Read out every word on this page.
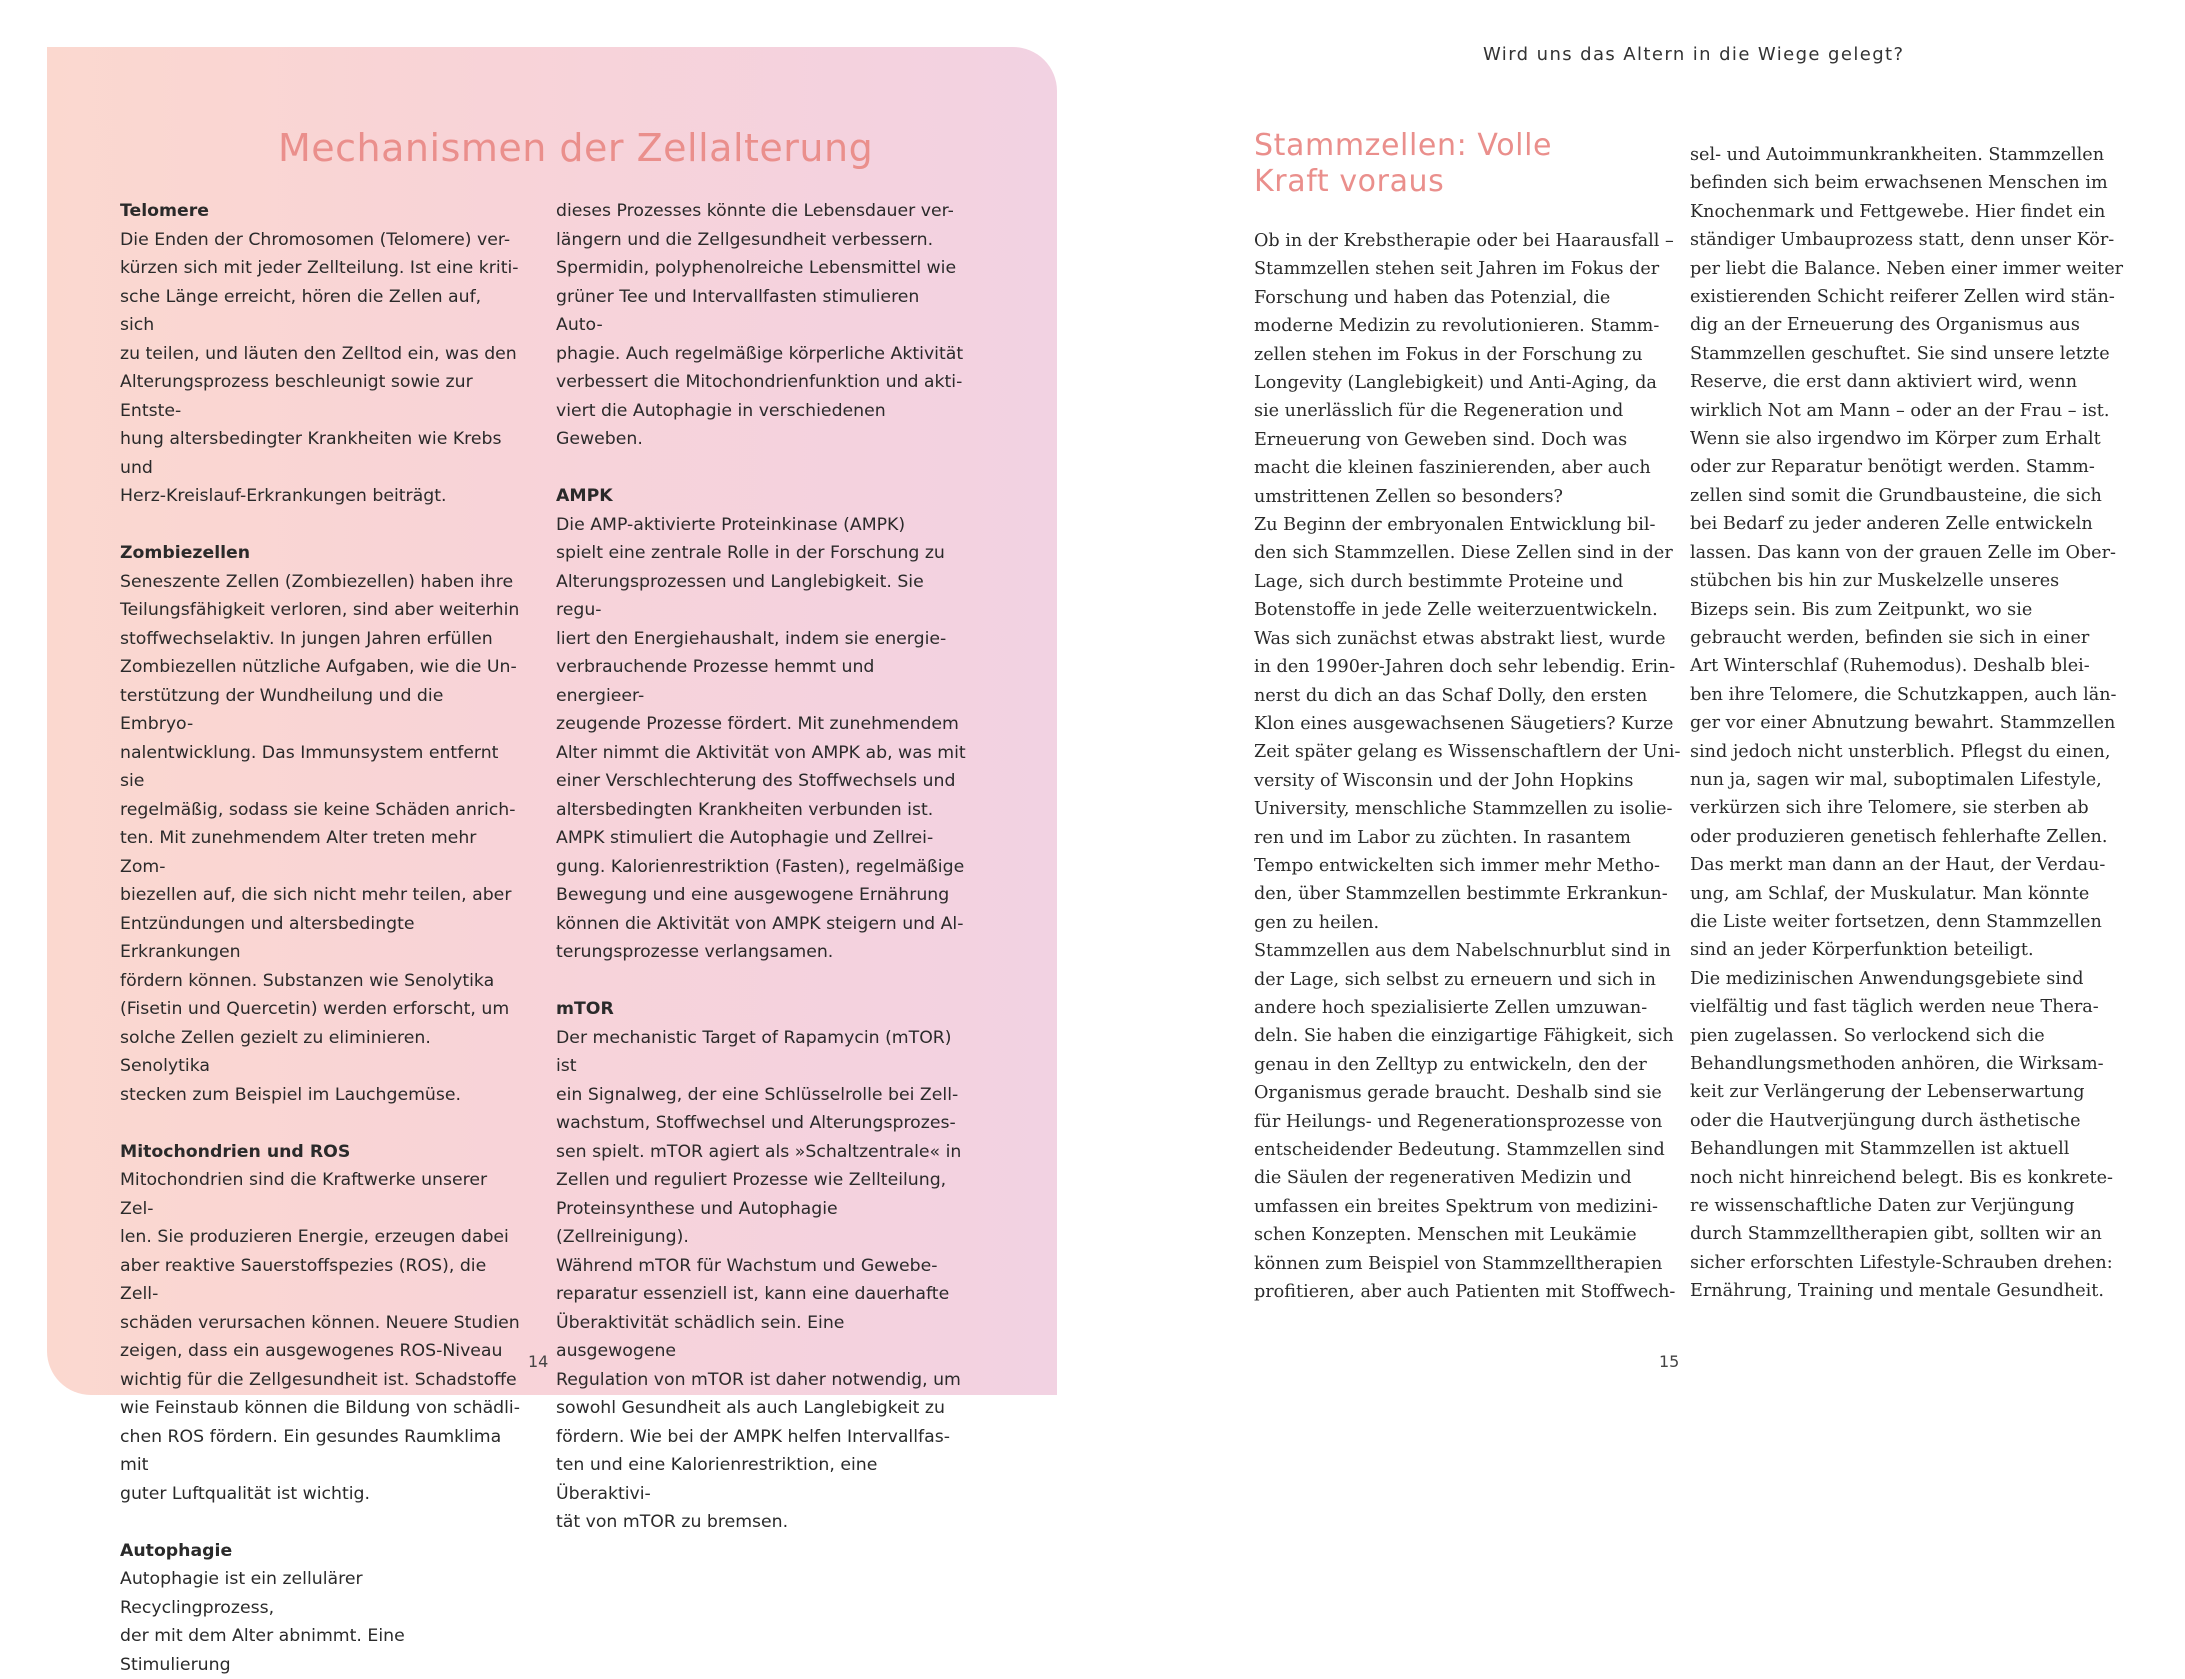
Mechanismen der Zellalterung

Telomere

Die Enden der Chromosomen (Telomere) ver-

kürzen sich mit jeder Zellteilung. Ist eine kriti-

sche Länge erreicht, hören die Zellen auf, sich

zu teilen, und läuten den Zelltod ein, was den

Alterungsprozess beschleunigt sowie zur Entste-

hung altersbedingter Krankheiten wie Krebs und

Herz-Kreislauf-Erkrankungen beiträgt.

Zombiezellen

Seneszente Zellen (Zombiezellen) haben ihre

Teilungsfähigkeit verloren, sind aber weiterhin

stoffwechselaktiv. In jungen Jahren erfüllen

Zombiezellen nützliche Aufgaben, wie die Un-

terstützung der Wundheilung und die Embryo-

nalentwicklung. Das Immunsystem entfernt sie

regelmäßig, sodass sie keine Schäden anrich-

ten. Mit zunehmendem Alter treten mehr Zom-

biezellen auf, die sich nicht mehr teilen, aber

Entzündungen und altersbedingte Erkrankungen

fördern können. Substanzen wie Senolytika

(Fisetin und Quercetin) werden erforscht, um

solche Zellen gezielt zu eliminieren. Senolytika

stecken zum Beispiel im Lauchgemüse.

Mitochondrien und ROS

Mitochondrien sind die Kraftwerke unserer Zel-

len. Sie produzieren Energie, erzeugen dabei

aber reaktive Sauerstoffspezies (ROS), die Zell-

schäden verursachen können. Neuere Studien

zeigen, dass ein ausgewogenes ROS-Niveau

wichtig für die Zellgesundheit ist. Schadstoffe

wie Feinstaub können die Bildung von schädli-

chen ROS fördern. Ein gesundes Raumklima mit

guter Luftqualität ist wichtig.

Autophagie

Autophagie ist ein zellulärer Recyclingprozess,

der mit dem Alter abnimmt. Eine Stimulierung

dieses Prozesses könnte die Lebensdauer ver-

längern und die Zellgesundheit verbessern.

Spermidin, polyphenolreiche Lebensmittel wie

grüner Tee und Intervallfasten stimulieren Auto-

phagie. Auch regelmäßige körperliche Aktivität

verbessert die Mitochondrienfunktion und akti-

viert die Autophagie in verschiedenen Geweben.

AMPK

Die AMP-aktivierte Proteinkinase (AMPK)

spielt eine zentrale Rolle in der Forschung zu

Alterungsprozessen und Langlebigkeit. Sie regu-

liert den Energiehaushalt, indem sie energie-

verbrauchende Prozesse hemmt und energieer-

zeugende Prozesse fördert. Mit zunehmendem

Alter nimmt die Aktivität von AMPK ab, was mit

einer Verschlechterung des Stoffwechsels und

altersbedingten Krankheiten verbunden ist.

AMPK stimuliert die Autophagie und Zellrei-

gung. Kalorienrestriktion (Fasten), regelmäßige

Bewegung und eine ausgewogene Ernährung

können die Aktivität von AMPK steigern und Al-

terungsprozesse verlangsamen.

mTOR

Der mechanistic Target of Rapamycin (mTOR) ist

ein Signalweg, der eine Schlüsselrolle bei Zell-

wachstum, Stoffwechsel und Alterungsprozes-

sen spielt. mTOR agiert als »Schaltzentrale« in

Zellen und reguliert Prozesse wie Zellteilung,

Proteinsynthese und Autophagie (Zellreinigung).

Während mTOR für Wachstum und Gewebe-

reparatur essenziell ist, kann eine dauerhafte

Überaktivität schädlich sein. Eine ausgewogene

Regulation von mTOR ist daher notwendig, um

sowohl Gesundheit als auch Langlebigkeit zu

fördern. Wie bei der AMPK helfen Intervallfas-

ten und eine Kalorienrestriktion, eine Überaktivi-

tät von mTOR zu bremsen.

14
Wird uns das Altern in die Wiege gelegt?
Stammzellen: Volle
Kraft voraus

Ob in der Krebstherapie oder bei Haarausfall –

Stammzellen stehen seit Jahren im Fokus der

Forschung und haben das Potenzial, die

moderne Medizin zu revolutionieren. Stamm-

zellen stehen im Fokus in der Forschung zu

Longevity (Langlebigkeit) und Anti-Aging, da

sie unerlässlich für die Regeneration und

Erneuerung von Geweben sind. Doch was

macht die kleinen faszinierenden, aber auch

umstrittenen Zellen so besonders?

Zu Beginn der embryonalen Entwicklung bil-

den sich Stammzellen. Diese Zellen sind in der

Lage, sich durch bestimmte Proteine und

Botenstoffe in jede Zelle weiterzuentwickeln.

Was sich zunächst etwas abstrakt liest, wurde

in den 1990er-Jahren doch sehr lebendig. Erin-

nerst du dich an das Schaf Dolly, den ersten

Klon eines ausgewachsenen Säugetiers? Kurze

Zeit später gelang es Wissenschaftlern der Uni-

versity of Wisconsin und der John Hopkins

University, menschliche Stammzellen zu isolie-

ren und im Labor zu züchten. In rasantem

Tempo entwickelten sich immer mehr Metho-

den, über Stammzellen bestimmte Erkrankun-

gen zu heilen.

Stammzellen aus dem Nabelschnurblut sind in

der Lage, sich selbst zu erneuern und sich in

andere hoch spezialisierte Zellen umzuwan-

deln. Sie haben die einzigartige Fähigkeit, sich

genau in den Zelltyp zu entwickeln, den der

Organismus gerade braucht. Deshalb sind sie

für Heilungs- und Regenerationsprozesse von

entscheidender Bedeutung. Stammzellen sind

die Säulen der regenerativen Medizin und

umfassen ein breites Spektrum von medizini-

schen Konzepten. Menschen mit Leukämie

können zum Beispiel von Stammzelltherapien

profitieren, aber auch Patienten mit Stoffwech-

sel- und Autoimmunkrankheiten. Stammzellen

befinden sich beim erwachsenen Menschen im

Knochenmark und Fettgewebe. Hier findet ein

ständiger Umbauprozess statt, denn unser Kör-

per liebt die Balance. Neben einer immer weiter

existierenden Schicht reiferer Zellen wird stän-

dig an der Erneuerung des Organismus aus

Stammzellen geschuftet. Sie sind unsere letzte

Reserve, die erst dann aktiviert wird, wenn

wirklich Not am Mann – oder an der Frau – ist.

Wenn sie also irgendwo im Körper zum Erhalt

oder zur Reparatur benötigt werden. Stamm-

zellen sind somit die Grundbausteine, die sich

bei Bedarf zu jeder anderen Zelle entwickeln

lassen. Das kann von der grauen Zelle im Ober-

stübchen bis hin zur Muskelzelle unseres

Bizeps sein. Bis zum Zeitpunkt, wo sie

gebraucht werden, befinden sie sich in einer

Art Winterschlaf (Ruhemodus). Deshalb blei-

ben ihre Telomere, die Schutzkappen, auch län-

ger vor einer Abnutzung bewahrt. Stammzellen

sind jedoch nicht unsterblich. Pflegst du einen,

nun ja, sagen wir mal, suboptimalen Lifestyle,

verkürzen sich ihre Telomere, sie sterben ab

oder produzieren genetisch fehlerhafte Zellen.

Das merkt man dann an der Haut, der Verdau-

ung, am Schlaf, der Muskulatur. Man könnte

die Liste weiter fortsetzen, denn Stammzellen

sind an jeder Körperfunktion beteiligt.

Die medizinischen Anwendungsgebiete sind

vielfältig und fast täglich werden neue Thera-

pien zugelassen. So verlockend sich die

Behandlungsmethoden anhören, die Wirksam-

keit zur Verlängerung der Lebenserwartung

oder die Hautverjüngung durch ästhetische

Behandlungen mit Stammzellen ist aktuell

noch nicht hinreichend belegt. Bis es konkrete-

re wissenschaftliche Daten zur Verjüngung

durch Stammzelltherapien gibt, sollten wir an

sicher erforschten Lifestyle-Schrauben drehen:

Ernährung, Training und mentale Gesundheit.

15
